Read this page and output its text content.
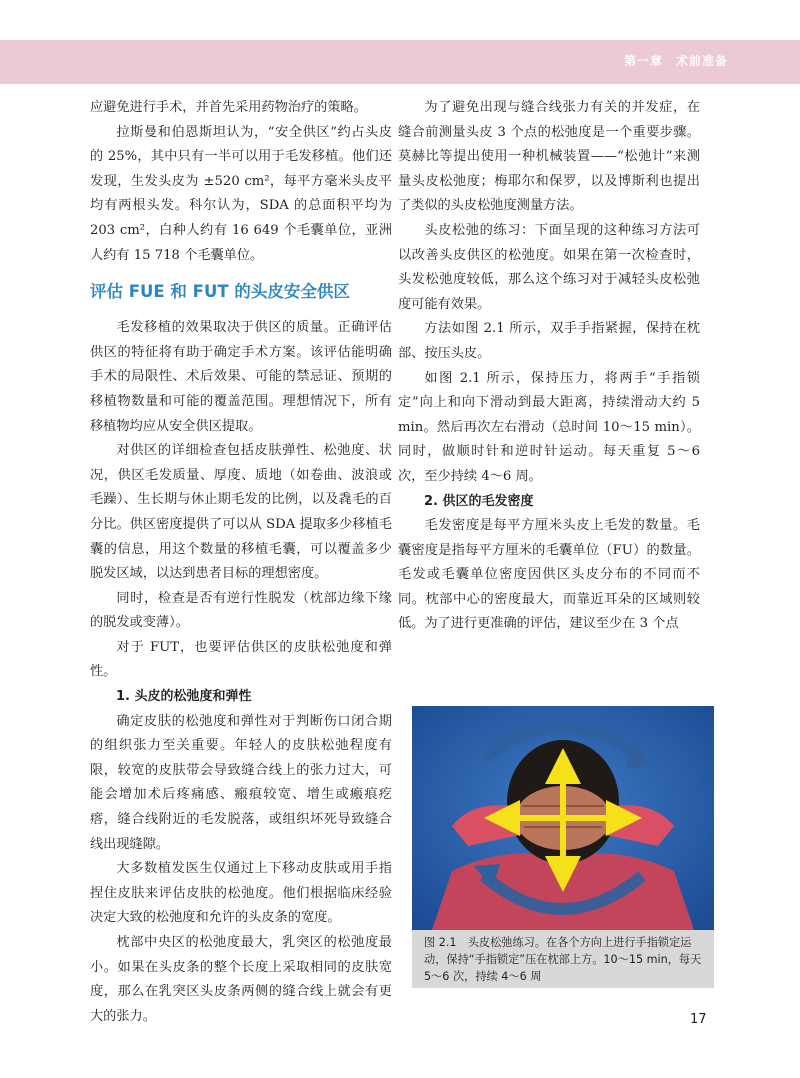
第一章　术前准备

应避免进行手术，并首先采用药物治疗的策略。

拉斯曼和伯恩斯坦认为，“安全供区”约占头皮的 25%，其中只有一半可以用于毛发移植。他们还发现，生发头皮为 ±520 cm²，每平方毫米头皮平均有两根头发。科尔认为，SDA 的总面积平均为 203 cm²，白种人约有 16 649 个毛囊单位，亚洲人约有 15 718 个毛囊单位。

评估 FUE 和 FUT 的头皮安全供区

毛发移植的效果取决于供区的质量。正确评估供区的特征将有助于确定手术方案。该评估能明确手术的局限性、术后效果、可能的禁忌证、预期的移植物数量和可能的覆盖范围。理想情况下，所有移植物均应从安全供区提取。

对供区的详细检查包括皮肤弹性、松弛度、状况，供区毛发质量、厚度、质地（如卷曲、波浪或毛躁）、生长期与休止期毛发的比例，以及毳毛的百分比。供区密度提供了可以从 SDA 提取多少移植毛囊的信息，用这个数量的移植毛囊，可以覆盖多少脱发区域，以达到患者目标的理想密度。

同时，检查是否有逆行性脱发（枕部边缘下缘的脱发或变薄）。

对于 FUT，也要评估供区的皮肤松弛度和弹性。

1. 头皮的松弛度和弹性

确定皮肤的松弛度和弹性对于判断伤口闭合期的组织张力至关重要。年轻人的皮肤松弛程度有限，较宽的皮肤带会导致缝合线上的张力过大，可能会增加术后疼痛感、瘢痕较宽、增生或瘢痕疙瘩，缝合线附近的毛发脱落，或组织坏死导致缝合线出现缝隙。

大多数植发医生仅通过上下移动皮肤或用手指捏住皮肤来评估皮肤的松弛度。他们根据临床经验决定大致的松弛度和允许的头皮条的宽度。

枕部中央区的松弛度最大，乳突区的松弛度最小。如果在头皮条的整个长度上采取相同的皮肤宽度，那么在乳突区头皮条两侧的缝合线上就会有更大的张力。

为了避免出现与缝合线张力有关的并发症，在缝合前测量头皮 3 个点的松弛度是一个重要步骤。莫赫比等提出使用一种机械装置——“松弛计”来测量头皮松弛度；梅耶尔和保罗，以及博斯利也提出了类似的头皮松弛度测量方法。

头皮松弛的练习：下面呈现的这种练习方法可以改善头皮供区的松弛度。如果在第一次检查时，头发松弛度较低，那么这个练习对于减轻头皮松弛度可能有效果。

方法如图 2.1 所示，双手手指紧握，保持在枕部、按压头皮。

如图 2.1 所示，保持压力，将两手“手指锁定”向上和向下滑动到最大距离，持续滑动大约 5 min。然后再次左右滑动（总时间 10～15 min）。同时，做顺时针和逆时针运动。每天重复 5～6 次，至少持续 4～6 周。

2. 供区的毛发密度

毛发密度是每平方厘米头皮上毛发的数量。毛囊密度是指每平方厘米的毛囊单位（FU）的数量。毛发或毛囊单位密度因供区头皮分布的不同而不同。枕部中心的密度最大，而靠近耳朵的区域则较低。为了进行更准确的评估，建议至少在 3 个点

图 2.1　头皮松弛练习。在各个方向上进行手指锁定运动，保持“手指锁定”压在枕部上方。10～15 min，每天 5～6 次，持续 4～6 周
17
